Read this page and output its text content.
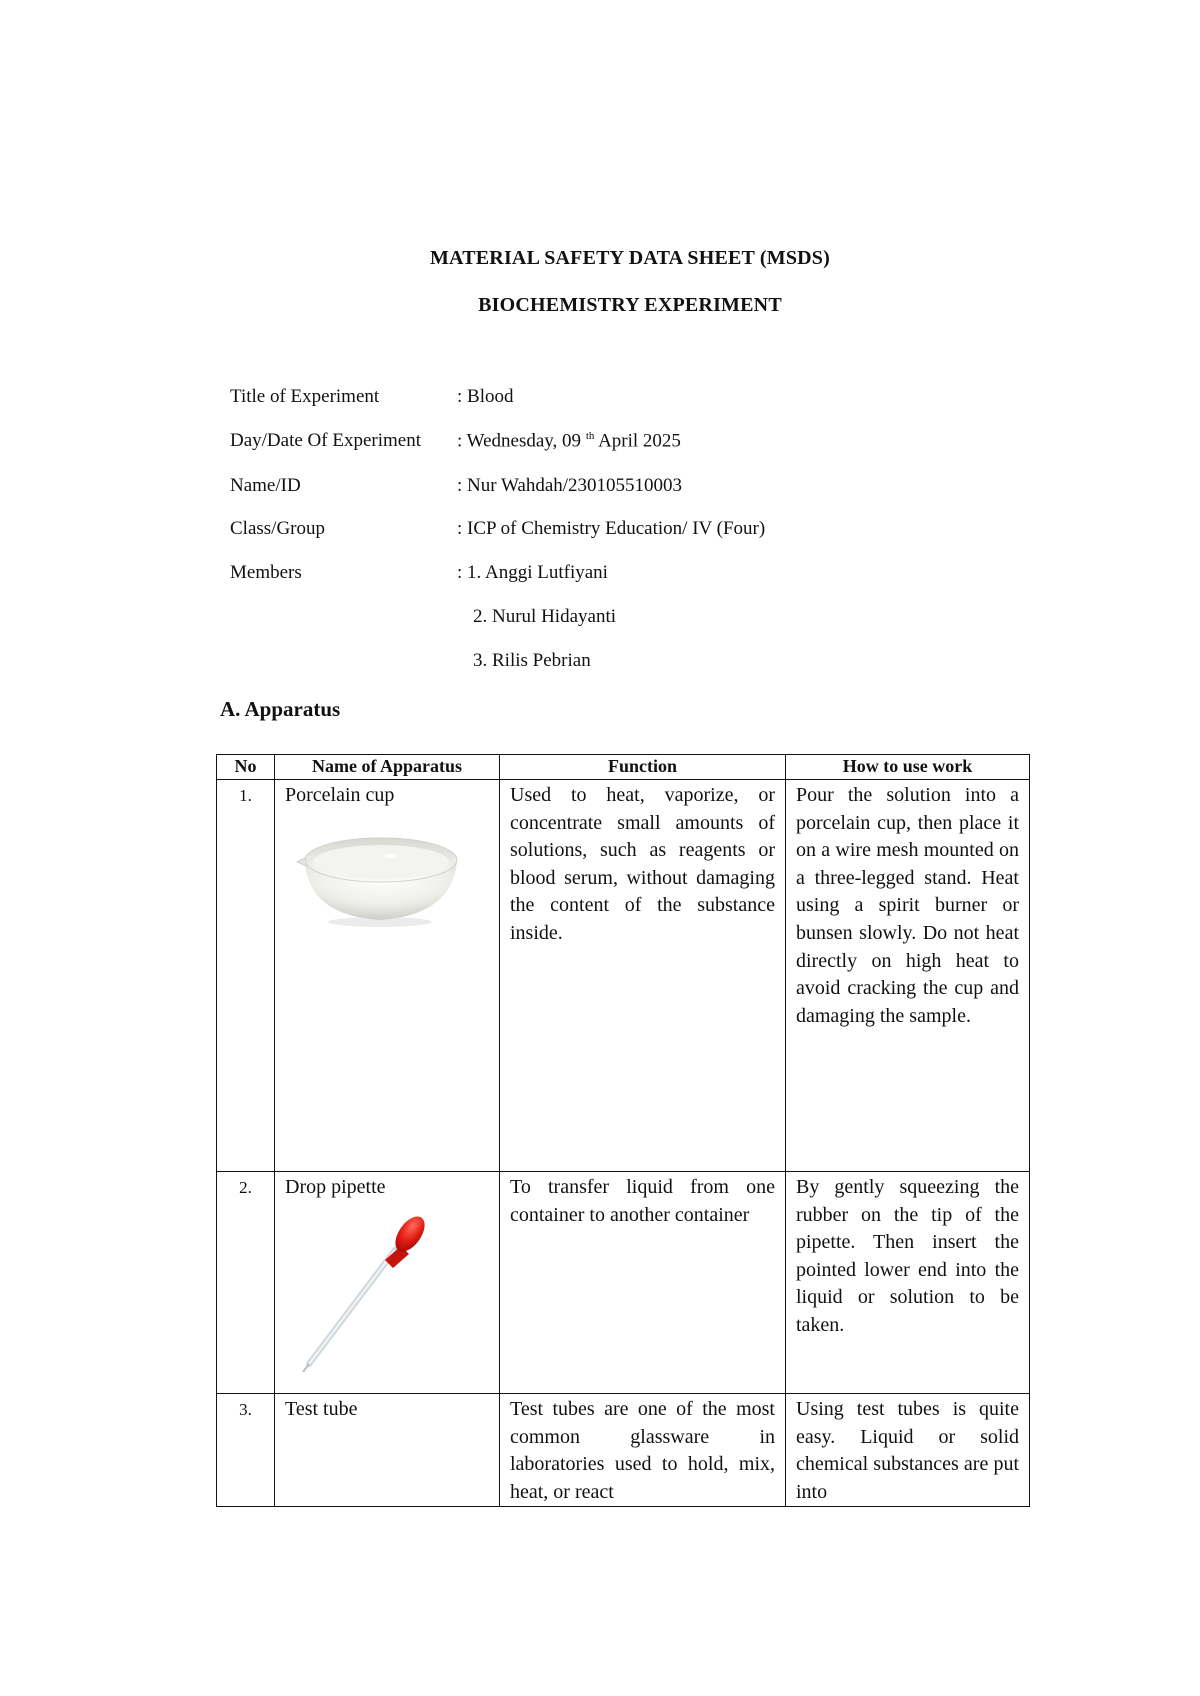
MATERIAL SAFETY DATA SHEET (MSDS)
BIOCHEMISTRY EXPERIMENT
Title of Experiment	: Blood
Day/Date Of Experiment : Wednesday, 09 $^{th}$ April 2025
Name/ID	: Nur Wahdah/230105510003
Class/Group	: ICP of Chemistry Education/ IV (Four)
Members	: 1. Anggi Lutfiyani
2. Nurul Hidayanti
3. Rilis Pebrian
A. Apparatus
No	Name of Apparatus	Function	How to use work
1.	Porcelain cup	Used to heat, vaporize, or concentrate small amounts of solutions, such as reagents or blood serum, without damaging the content of the substance inside.	Pour the solution into a porcelain cup, then place it on a wire mesh mounted on a three-legged stand. Heat using a spirit burner or bunsen slowly. Do not heat directly on high heat to avoid cracking the cup and damaging the sample.
2.	Drop pipette	To transfer liquid from one container to another container	By gently squeezing the rubber on the tip of the pipette. Then insert the pointed lower end into the liquid or solution to be taken.
3.	Test tube	Test tubes are one of the most common glassware in laboratories used to hold, mix, heat, or react	Using test tubes is quite easy. Liquid or solid chemical substances are put into
